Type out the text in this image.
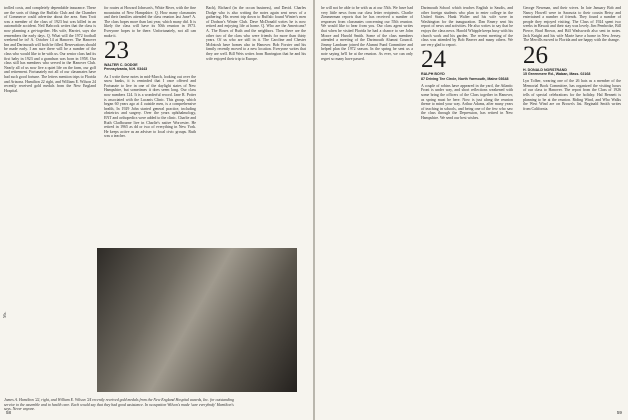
trolled costs, and completely dependable insurance. These are the sorts of things the Buffalo Club and the Chamber of Commerce could advertise about the area. Sam Trott was a member of the class of 1923 but was killed in an automobile accident. Neil Babcock writes that the class is now planning a get-together. His wife, Harriet, says she remembers the early days. Q. What will the 1972 football weekend be in? A. October 14 at Hanover. The Hanover Inn and Dartmouth will both be filled. Reservations should be made early. I am sure there will be a number of the class who would like to be with us. Our senior class had its first baby in 1923 and a grandson was born in 1958. Our class still has members who served in the Hanover Club. Nearly all of us now live a quiet life on the farm, our golf and retirement. Fortunately not all of our classmates have had such good fortune. The letters mention trips to Florida and Arizona. Hamilton 22 right, and William E. Wilson 24 recently received gold medals from the New England Hospital.

for routes at Howard Johnson's, White River, with the fine mountains of New Hampshire. Q. How many classmates and their families attended the class reunion last June? A. The class hopes more than last year, which many did. It is likely the class will have its 50th reunion in 1973. Everyone hopes to be there. Unfortunately, not all can make it.

23
WALTER C. DODGE
Pennsylvania, N.H. 03443

As I write these notes in mid-March, looking out over the snow banks, it is reminded that I once offered and Fortunate to live in one of the daylight states of New Hampshire, but sometimes it does seem long. Our class now numbers 124. It is a wonderful record. Jane R. Potter is associated with the Lucanis Clinic. This group, which began 60 years ago at 4 outside men, is a comprehensive health, In 1929 John started general practice, including obstetrics and surgery. Over the years ophthalmology, ENT and orthopedics were added to the clinic. Charlie and Ruth Cladbourne live in Charlie's native Worcester. He retired in 1965 as dd or two of everything in New York. He keeps active as an adviser to local civic groups. Ruth was a teacher.

Bach), Richard (in the occan business), and David. Charles Dodge who is also writing the notes again sent news of a gathering. His recent trip down to Buffalo found Winter's men of Dodson's Winter Club. Dave McDonald writes he is now retired and enjoying life at home. Q. Who are the Americans? A. The Roses of Ruth and the neighbors. Then there are the other two of the class who were friends for more than thirty years. Of us who are still in it. The Caroline and Chester McIntosh have homes also in Hanover. Bob Forster and his family recently moved to a new location. Everyone writes that they are well. Bill Weis writes from Barrington that he and his wife enjoyed their trip to Europe.

James A. Hamilton '22, right, and William E. Wilson '24 recently received gold medals from the New England Hospital awards, Inc. for outstanding service to the assemble and to health care. Each would say that they had good assistance. In occupation Wilson's made 'sure everybody' Hamilton's says. Never anyone.
Ms.
58

he will not be able to be with us at our 55th. We have had very little news from our class letter recipients. Charlie Zimmerman reports that he has received a number of responses from classmates concerning our 55th reunion. We would like to hear from you. Our class agent writes that when he visited Florida he had a chance to see John Moore and Harold Smith. Some of the class members attended a meeting of the Dartmouth Alumni Council. Jimmy Landauer joined the Alumni Fund Committee and helped plan the 1972 season. In the spring he sent us a note saying he'll be at the reunion. As ever, we can only regret so many have passed.

Dartmouth School which teaches English to Saudis, and other foreign students who plan to enter college in the United States. Hank Walter and his wife were in Washington for the inauguration. Dan Emery sent his report of news and activities. He also writes to say that he enjoys the class news. Harold Whipple keeps busy with his church work and his garden. The recent meeting of the class was attended by Bob Beaver and many others. We are very glad to report.

24
RALPH BOYD
87 Driving Tee Circle, North Yarmouth, Maine 03648

A couple of robins have appeared in the yard, the Atlantic Front is under way, and short reflections weakened with some bring the officers of the Class together in Hanover, as spring must be here. Now is just along the reunion theme to mind your way. Arthur Adams, after many years of teaching in schools, and being one of the few who saw the class through the Depression, has retired in New Hampshire. We send our best wishes.

George Newman, and their wives. In late January Bob and Nancy Howell were in Sarasota to their cousin Betsy and entertained a number of friends. They found a number of people they enjoyed visiting. The Class of 1924 spent two weeks in Hawaii and their stay was lovely. Jim Pembroke, Bill Pierce, Brad Brown, and Bill Wadsworth also sent in notes. Jack Knight and his wife Marie have a home in New Jersey. The Merrills moved to Florida and are happy with the change.

26
H. DONALD NORSTRAND
15 Greenmere Rd., Waban, Mass. 02168

Lyn Tolber, wearing one of the 26 hats as a member of the Memorial Book Committee, has organized the visiting hours of our class to Hanover. The report from the Class of 1926 tells of special celebrations for the holiday. Hal Bennett is planning to be at the reunion. Riding Wind, and Who Walks the West Wind are on Brown's list. Reginald Smith writes from California.

59
